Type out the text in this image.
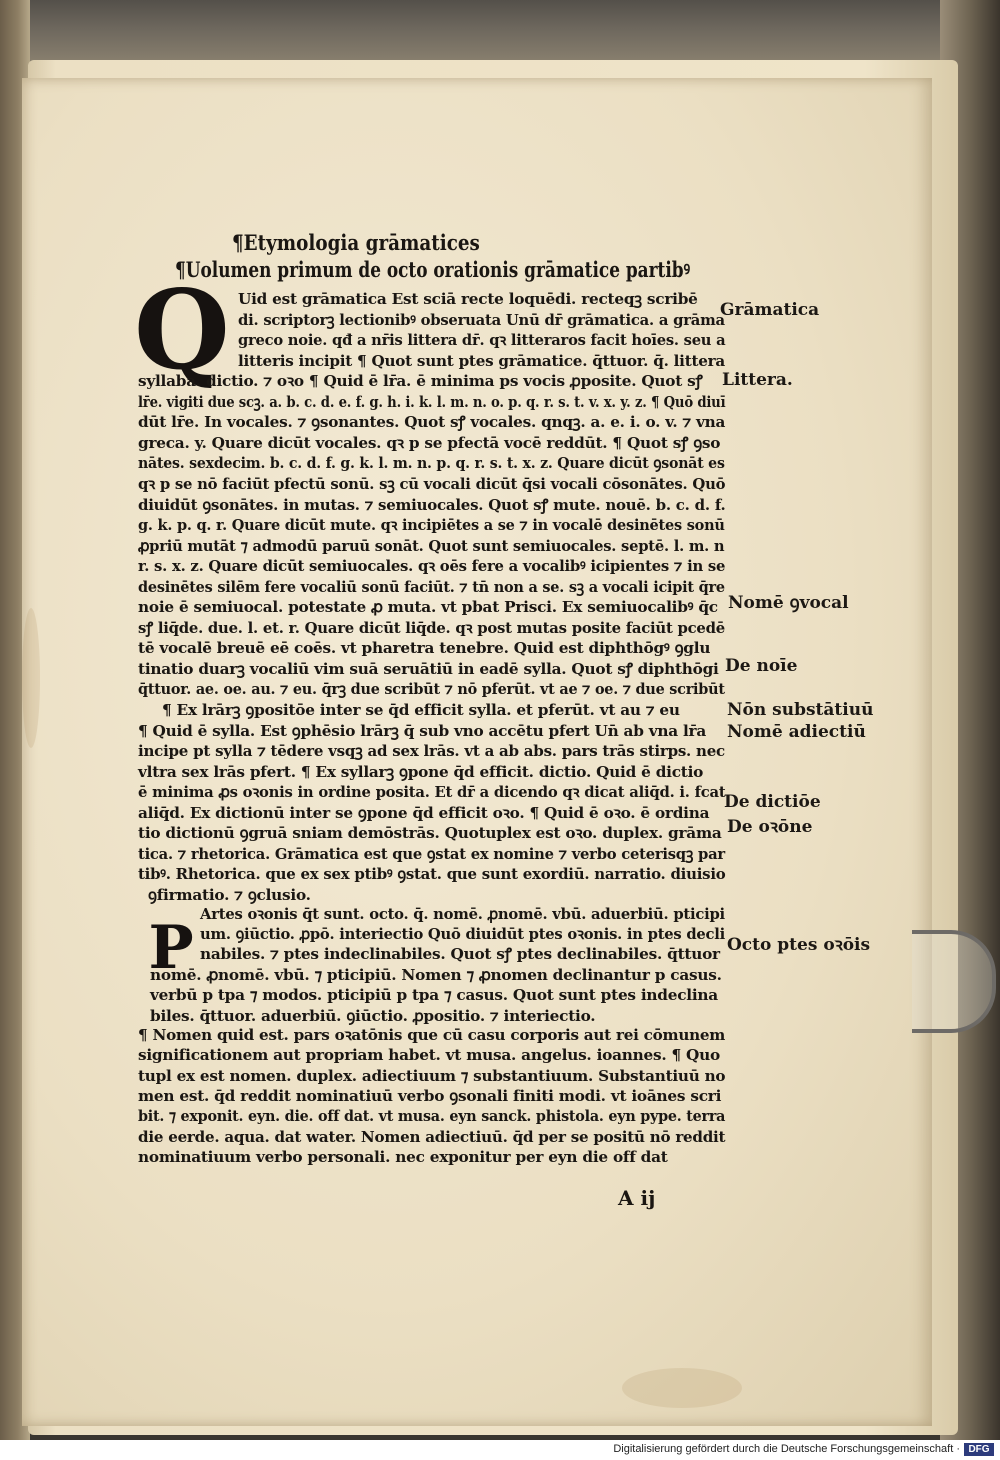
¶Etymologia grāmatices
¶Uolumen primum de octo orationis grāmatice partibꝰ
Q
P
Uid est grāmatica Est sciā recte loquēdi. recteqꝫ scribē
di. scriptorꝫ lectionibꝰ obseruata Unū dr̄ grāmatica. a grāma
greco noie. qđ a nr̄is littera dr̄. qꝛ litteraros facit hoīes. seu a
litteris incipit ¶ Quot sunt ptes grāmatice. q̄ttuor. q̄. littera
syllaba. dictio. ⁊ oꝛo ¶ Quid ē lr̄a. ē minima ps vocis ꝓposite. Quot sꝭ
lr̄e. vigiti due scꝫ. a. b. c. d. e. f. g. h. i. k. l. m. n. o. p. q. r. s. t. v. x. y. z. ¶ Quō diuī
dūt lr̄e. In vocales. ⁊ ꝯsonantes. Quot sꝭ vocales. qnqꝫ. a. e. i. o. v. ⁊ vna
greca. y. Quare dicūt vocales. qꝛ p se pfectā vocē reddūt. ¶ Quot sꝭ ꝯso
nātes. sexdecim. b. c. d. f. g. k. l. m. n. p. q. r. s. t. x. z. Quare dicūt ꝯsonāt es
qꝛ p se nō faciūt pfectū sonū. sꝫ cū vocali dicūt q̄si vocali cōsonātes. Quō
diuidūt ꝯsonātes. in mutas. ⁊ semiuocales. Quot sꝭ mute. nouē. b. c. d. f.
g. k. p. q. r. Quare dicūt mute. qꝛ incipiētes a se ⁊ in vocalē desinētes sonū
ꝓpriū mutāt ⁊ admodū paruū sonāt. Quot sunt semiuocales. septē. l. m. n
r. s. x. z. Quare dicūt semiuocales. qꝛ oēs fere a vocalibꝰ icipientes ⁊ in se
desinētes silēm fere vocaliū sonū faciūt. ⁊ tn̄ non a se. sꝫ a vocali icipit q̄re
noie ē semiuocal. potestate ꝓ muta. vt pbat Prisci. Ex semiuocalibꝰ q̄c
sꝭ liq̄de. due. l. et. r. Quare dicūt liq̄de. qꝛ post mutas posite faciūt pcedē
tē vocalē breuē eē coēs. vt pharetra tenebre. Quid est diphthōgꝰ ꝯglu
tinatio duarꝫ vocaliū vim suā seruātiū in eadē sylla. Quot sꝭ diphthōgi
q̄ttuor. ae. oe. au. ⁊ eu. q̄rꝫ due scribūt ⁊ nō pferūt. vt ae ⁊ oe. ⁊ due scribūt
¶ Ex lrārꝫ ꝯpositōe inter se q̄d efficit sylla. et pferūt. vt au ⁊ eu
¶ Quid ē sylla. Est ꝯphēsio lrārꝫ q̄ sub vno accētu pfert Un̄ ab vna lr̄a
incipe pt sylla ⁊ tēdere vsqꝫ ad sex lrās. vt a ab abs. pars trās stirps. nec
vltra sex lrās pfert. ¶ Ex syllarꝫ ꝯpone q̄d efficit. dictio. Quid ē dictio
ē minima ꝓs oꝛonis in ordine posita. Et dr̄ a dicendo qꝛ dicat aliq̄d. i. fcat
aliq̄d. Ex dictionū inter se ꝯpone q̄d efficit oꝛo. ¶ Quid ē oꝛo. ē ordina
tio dictionū ꝯgruā sniam demōstrās. Quotuplex est oꝛo. duplex. grāma
tica. ⁊ rhetorica. Grāmatica est que ꝯstat ex nomine ⁊ verbo ceterisqꝫ par
tibꝰ. Rhetorica. que ex sex ptibꝰ ꝯstat. que sunt exordiū. narratio. diuisio
ꝯfirmatio. ⁊ ꝯclusio.
Artes oꝛonis q̄t sunt. octo. q̄. nomē. ꝓnomē. vbū. aduerbiū. pticipi
um. ꝯiūctio. ꝓpō. interiectio Quō diuidūt ptes oꝛonis. in ptes decli
nabiles. ⁊ ptes indeclinabiles. Quot sꝭ ptes declinabiles. q̄ttuor
nomē. ꝓnomē. vbū. ⁊ pticipiū. Nomen ⁊ ꝓnomen declinantur p casus.
verbū p tpa ⁊ modos. pticipiū p tpa ⁊ casus. Quot sunt ptes indeclina
biles. q̄ttuor. aduerbiū. ꝯiūctio. ꝓpositio. ⁊ interiectio.
¶ Nomen quid est. pars oꝛatōnis que cū casu corporis aut rei cōmunem
significationem aut propriam habet. vt musa. angelus. ioannes. ¶ Quo
tupl ex est nomen. duplex. adiectiuum ⁊ substantiuum. Substantiuū no
men est. q̄d reddit nominatiuū verbo ꝯsonali finiti modi. vt ioānes scri
bit. ⁊ exponit. eyn. die. off dat. vt musa. eyn sanck. phistola. eyn pype. terra
die eerde. aqua. dat water. Nomen adiectiuū. q̄d per se positū nō reddit
nominatiuum verbo personali. nec exponitur per eyn die off dat
Grāmatica
Littera.
Nomē ꝯvocal
De noīe
Nōn substātiuū
Nomē adiectiū
De dictiōe
De oꝛōne
Octo ptes oꝛōis
A ij
Digitalisierung gefördert durch die Deutsche Forschungsgemeinschaft · DFG
